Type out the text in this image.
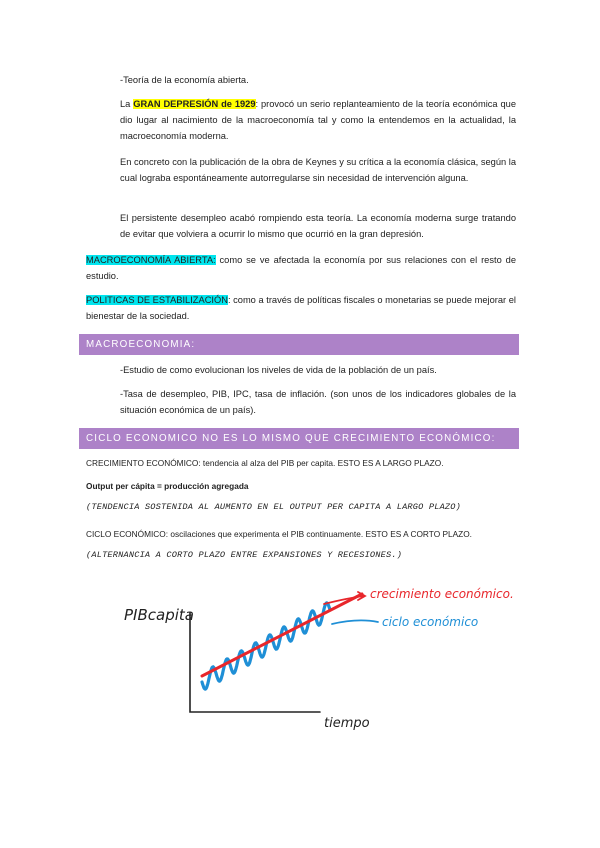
-Teoría de la economía abierta.

La GRAN DEPRESIÓN de 1929: provocó un serio replanteamiento de la teoría económica que dio lugar al nacimiento de la macroeconomía tal y como la entendemos en la actualidad, la macroeconomía moderna.

En concreto con la publicación de la obra de Keynes y su crítica a la economía clásica, según la cual lograba espontáneamente autorregularse sin necesidad de intervención alguna.

El persistente desempleo acabó rompiendo esta teoría. La economía moderna surge tratando de evitar que volviera a ocurrir lo mismo que ocurrió en la gran depresión.

MACROECONOMÍA ABIERTA: como se ve afectada la economía por sus relaciones con el resto de estudio.

POLITICAS DE ESTABILIZACIÓN: como a través de políticas fiscales o monetarias se puede mejorar el bienestar de la sociedad.

MACROECONOMIA:

-Estudio de como evolucionan los niveles de vida de la población de un país.

-Tasa de desempleo, PIB, IPC, tasa de inflación. (son unos de los indicadores globales de la situación económica de un país).

CICLO ECONOMICO NO ES LO MISMO QUE CRECIMIENTO ECONÓMICO:

CRECIMIENTO ECONÓMICO: tendencia al alza del PIB per capita. ESTO ES A LARGO PLAZO.

Output per cápita = producción agregada

(TENDENCIA SOSTENIDA AL AUMENTO EN EL OUTPUT PER CAPITA A LARGO PLAZO)

CICLO ECONÓMICO: oscilaciones que experimenta el PIB continuamente. ESTO ES A CORTO PLAZO.

(ALTERNANCIA A CORTO PLAZO ENTRE EXPANSIONES Y RECESIONES.)

PIBcapita
tiempo
ciclo económico
crecimiento económico.
